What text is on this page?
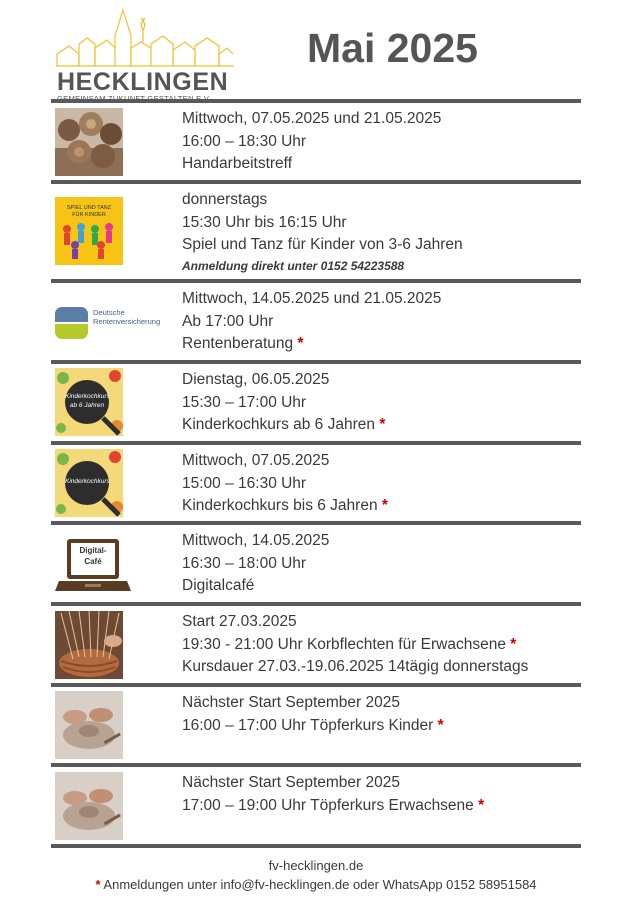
HECKLINGEN
Mai 2025
Mittwoch, 07.05.2025 und 21.05.2025
16:00 – 18:30 Uhr
Handarbeitstreff
SPIEL UND TANZ FÜR KINDER
donnerstags
15:30 Uhr bis 16:15 Uhr
Spiel und Tanz für Kinder von 3-6 Jahren
Anmeldung direkt unter 0152 54223588
Deutsche
Rentenversicherung
Mittwoch, 14.05.2025 und 21.05.2025
Ab 17:00 Uhr
Rentenberatung *
Kinderkochkurs
ab 6 Jahren
Dienstag, 06.05.2025
15:30 – 17:00 Uhr
Kinderkochkurs ab 6 Jahren *
Kinderkochkurs
Mittwoch, 07.05.2025
15:00 – 16:30 Uhr
Kinderkochkurs bis 6 Jahren *
Digital-
Café
Mittwoch, 14.05.2025
16:30 – 18:00 Uhr
Digitalcafé
Start 27.03.2025
19:30 - 21:00 Uhr Korbflechten für Erwachsene *
Kursdauer 27.03.-19.06.2025 14tägig donnerstags
Nächster Start September 2025
16:00 – 17:00 Uhr Töpferkurs Kinder *
Nächster Start September 2025
17:00 – 19:00 Uhr Töpferkurs Erwachsene *
fv-hecklingen.de
* Anmeldungen unter info@fv-hecklingen.de oder WhatsApp 0152 58951584
